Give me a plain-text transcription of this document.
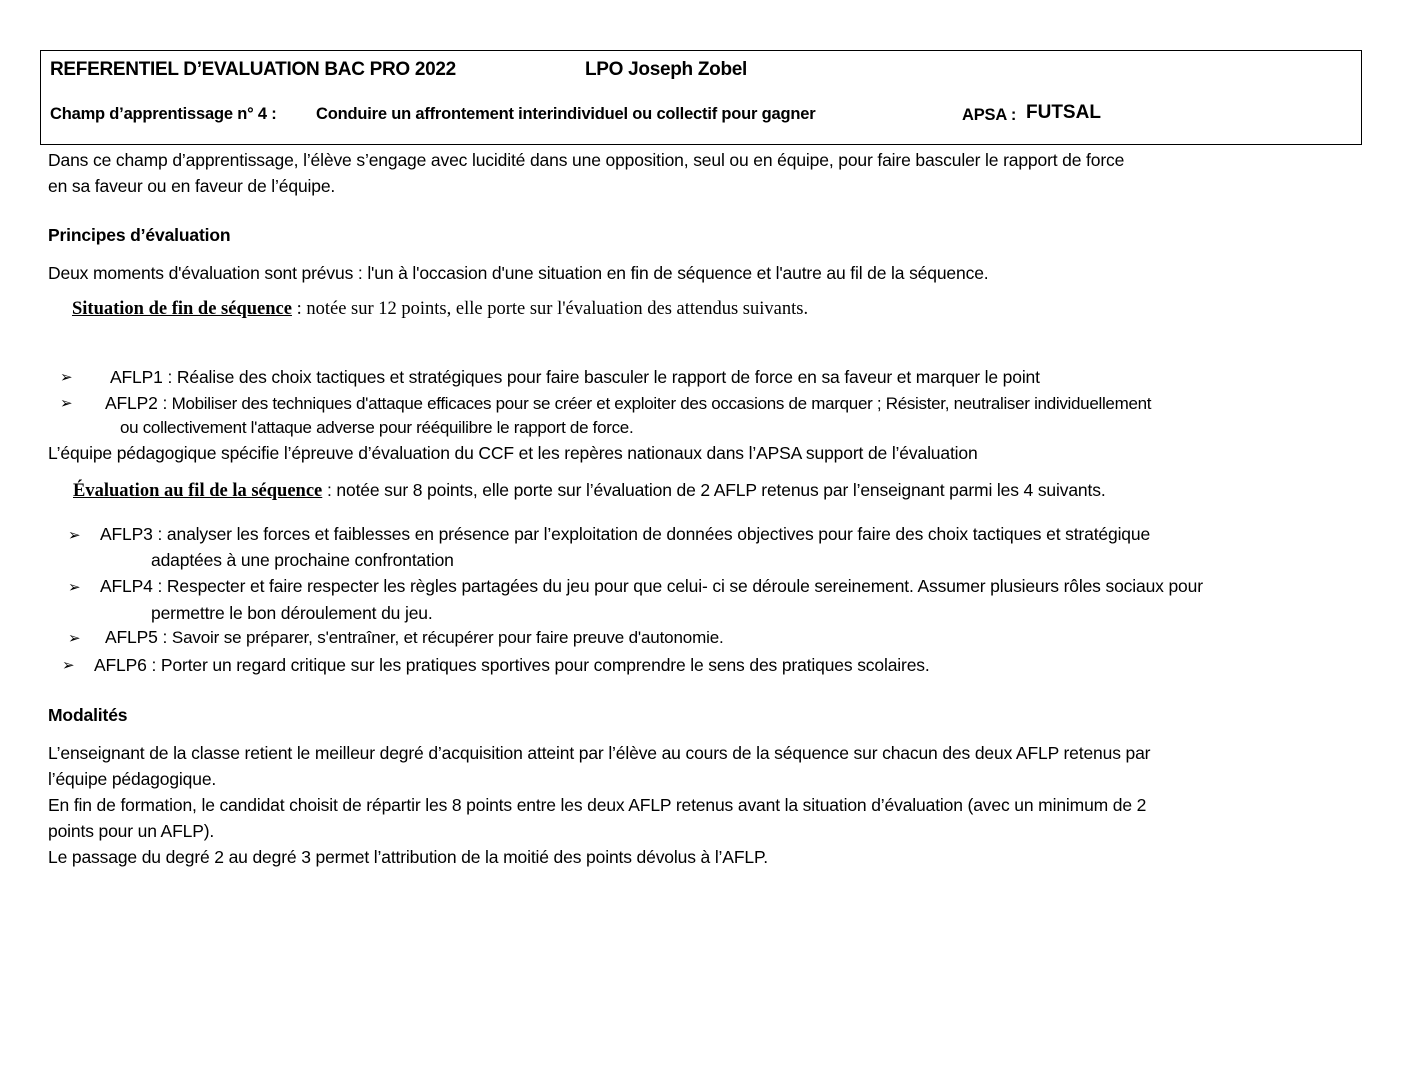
REFERENTIEL D’EVALUATION BAC PRO 2022	LPO Joseph Zobel
Champ d’apprentissage n° 4 : Conduire un affrontement interindividuel ou collectif pour gagner	APSA : FUTSAL
Dans ce champ d’apprentissage, l’élève s’engage avec lucidité dans une opposition, seul ou en équipe, pour faire basculer le rapport de force
en sa faveur ou en faveur de l’équipe.
Principes d’évaluation
Deux moments d'évaluation sont prévus : l'un à l'occasion d'une situation en fin de séquence et l'autre au fil de la séquence.
Situation de fin de séquence : notée sur 12 points, elle porte sur l'évaluation des attendus suivants.
➢ AFLP1 : Réalise des choix tactiques et stratégiques pour faire basculer le rapport de force en sa faveur et marquer le point
➢ AFLP2 : Mobiliser des techniques d'attaque efficaces pour se créer et exploiter des occasions de marquer ; Résister, neutraliser individuellement
ou collectivement l'attaque adverse pour rééquilibre le rapport de force.
L’équipe pédagogique spécifie l’épreuve d’évaluation du CCF et les repères nationaux dans l’APSA support de l’évaluation
Évaluation au fil de la séquence : notée sur 8 points, elle porte sur l’évaluation de 2 AFLP retenus par l’enseignant parmi les 4 suivants.
➢ AFLP3 : analyser les forces et faiblesses en présence par l’exploitation de données objectives pour faire des choix tactiques et stratégique
adaptées à une prochaine confrontation
➢ AFLP4 : Respecter et faire respecter les règles partagées du jeu pour que celui- ci se déroule sereinement. Assumer plusieurs rôles sociaux pour
permettre le bon déroulement du jeu.
➢ AFLP5 : Savoir se préparer, s'entraîner, et récupérer pour faire preuve d'autonomie.
➢ AFLP6 : Porter un regard critique sur les pratiques sportives pour comprendre le sens des pratiques scolaires.
Modalités
L’enseignant de la classe retient le meilleur degré d’acquisition atteint par l’élève au cours de la séquence sur chacun des deux AFLP retenus par
l’équipe pédagogique.
En fin de formation, le candidat choisit de répartir les 8 points entre les deux AFLP retenus avant la situation d’évaluation (avec un minimum de 2
points pour un AFLP).
Le passage du degré 2 au degré 3 permet l’attribution de la moitié des points dévolus à l’AFLP.
